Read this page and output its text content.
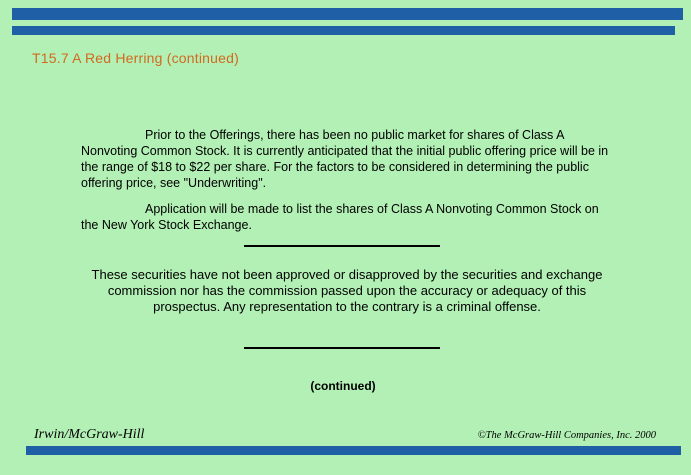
T15.7 A Red Herring (continued)
Prior to the Offerings, there has been no public market for shares of Class A Nonvoting Common Stock. It is currently anticipated that the initial public offering price will be in the range of $18 to $22 per share. For the factors to be considered in determining the public offering price, see "Underwriting".
Application will be made to list the shares of Class A Nonvoting Common Stock on the New York Stock Exchange.
These securities have not been approved or disapproved by the securities and exchange commission nor has the commission passed upon the accuracy or adequacy of this prospectus. Any representation to the contrary is a criminal offense.
(continued)
Irwin/McGraw-Hill	©The McGraw-Hill Companies, Inc. 2000
